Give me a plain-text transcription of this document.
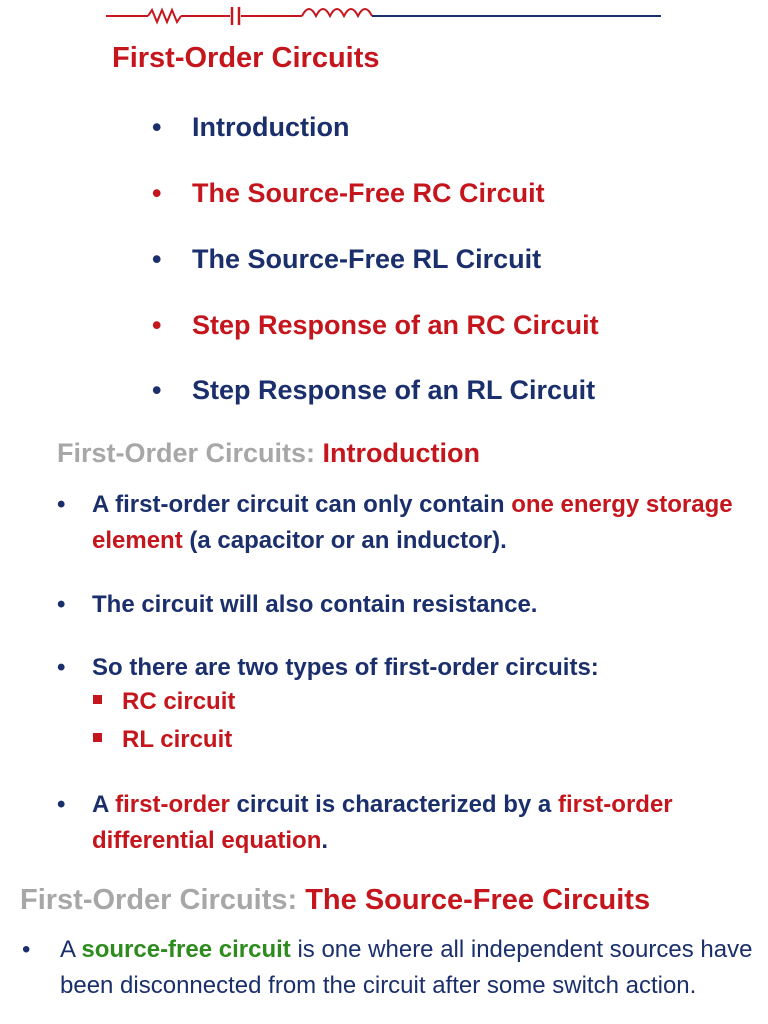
First-Order Circuits
• Introduction
• The Source-Free RC Circuit
• The Source-Free RL Circuit
• Step Response of an RC Circuit
• Step Response of an RL Circuit
First-Order Circuits: Introduction
• A first-order circuit can only contain one energy storage element (a capacitor or an inductor).
• The circuit will also contain resistance.
• So there are two types of first-order circuits:
RC circuit
RL circuit
• A first-order circuit is characterized by a first-order differential equation.
First-Order Circuits: The Source-Free Circuits
• A source-free circuit is one where all independent sources have been disconnected from the circuit after some switch action.
